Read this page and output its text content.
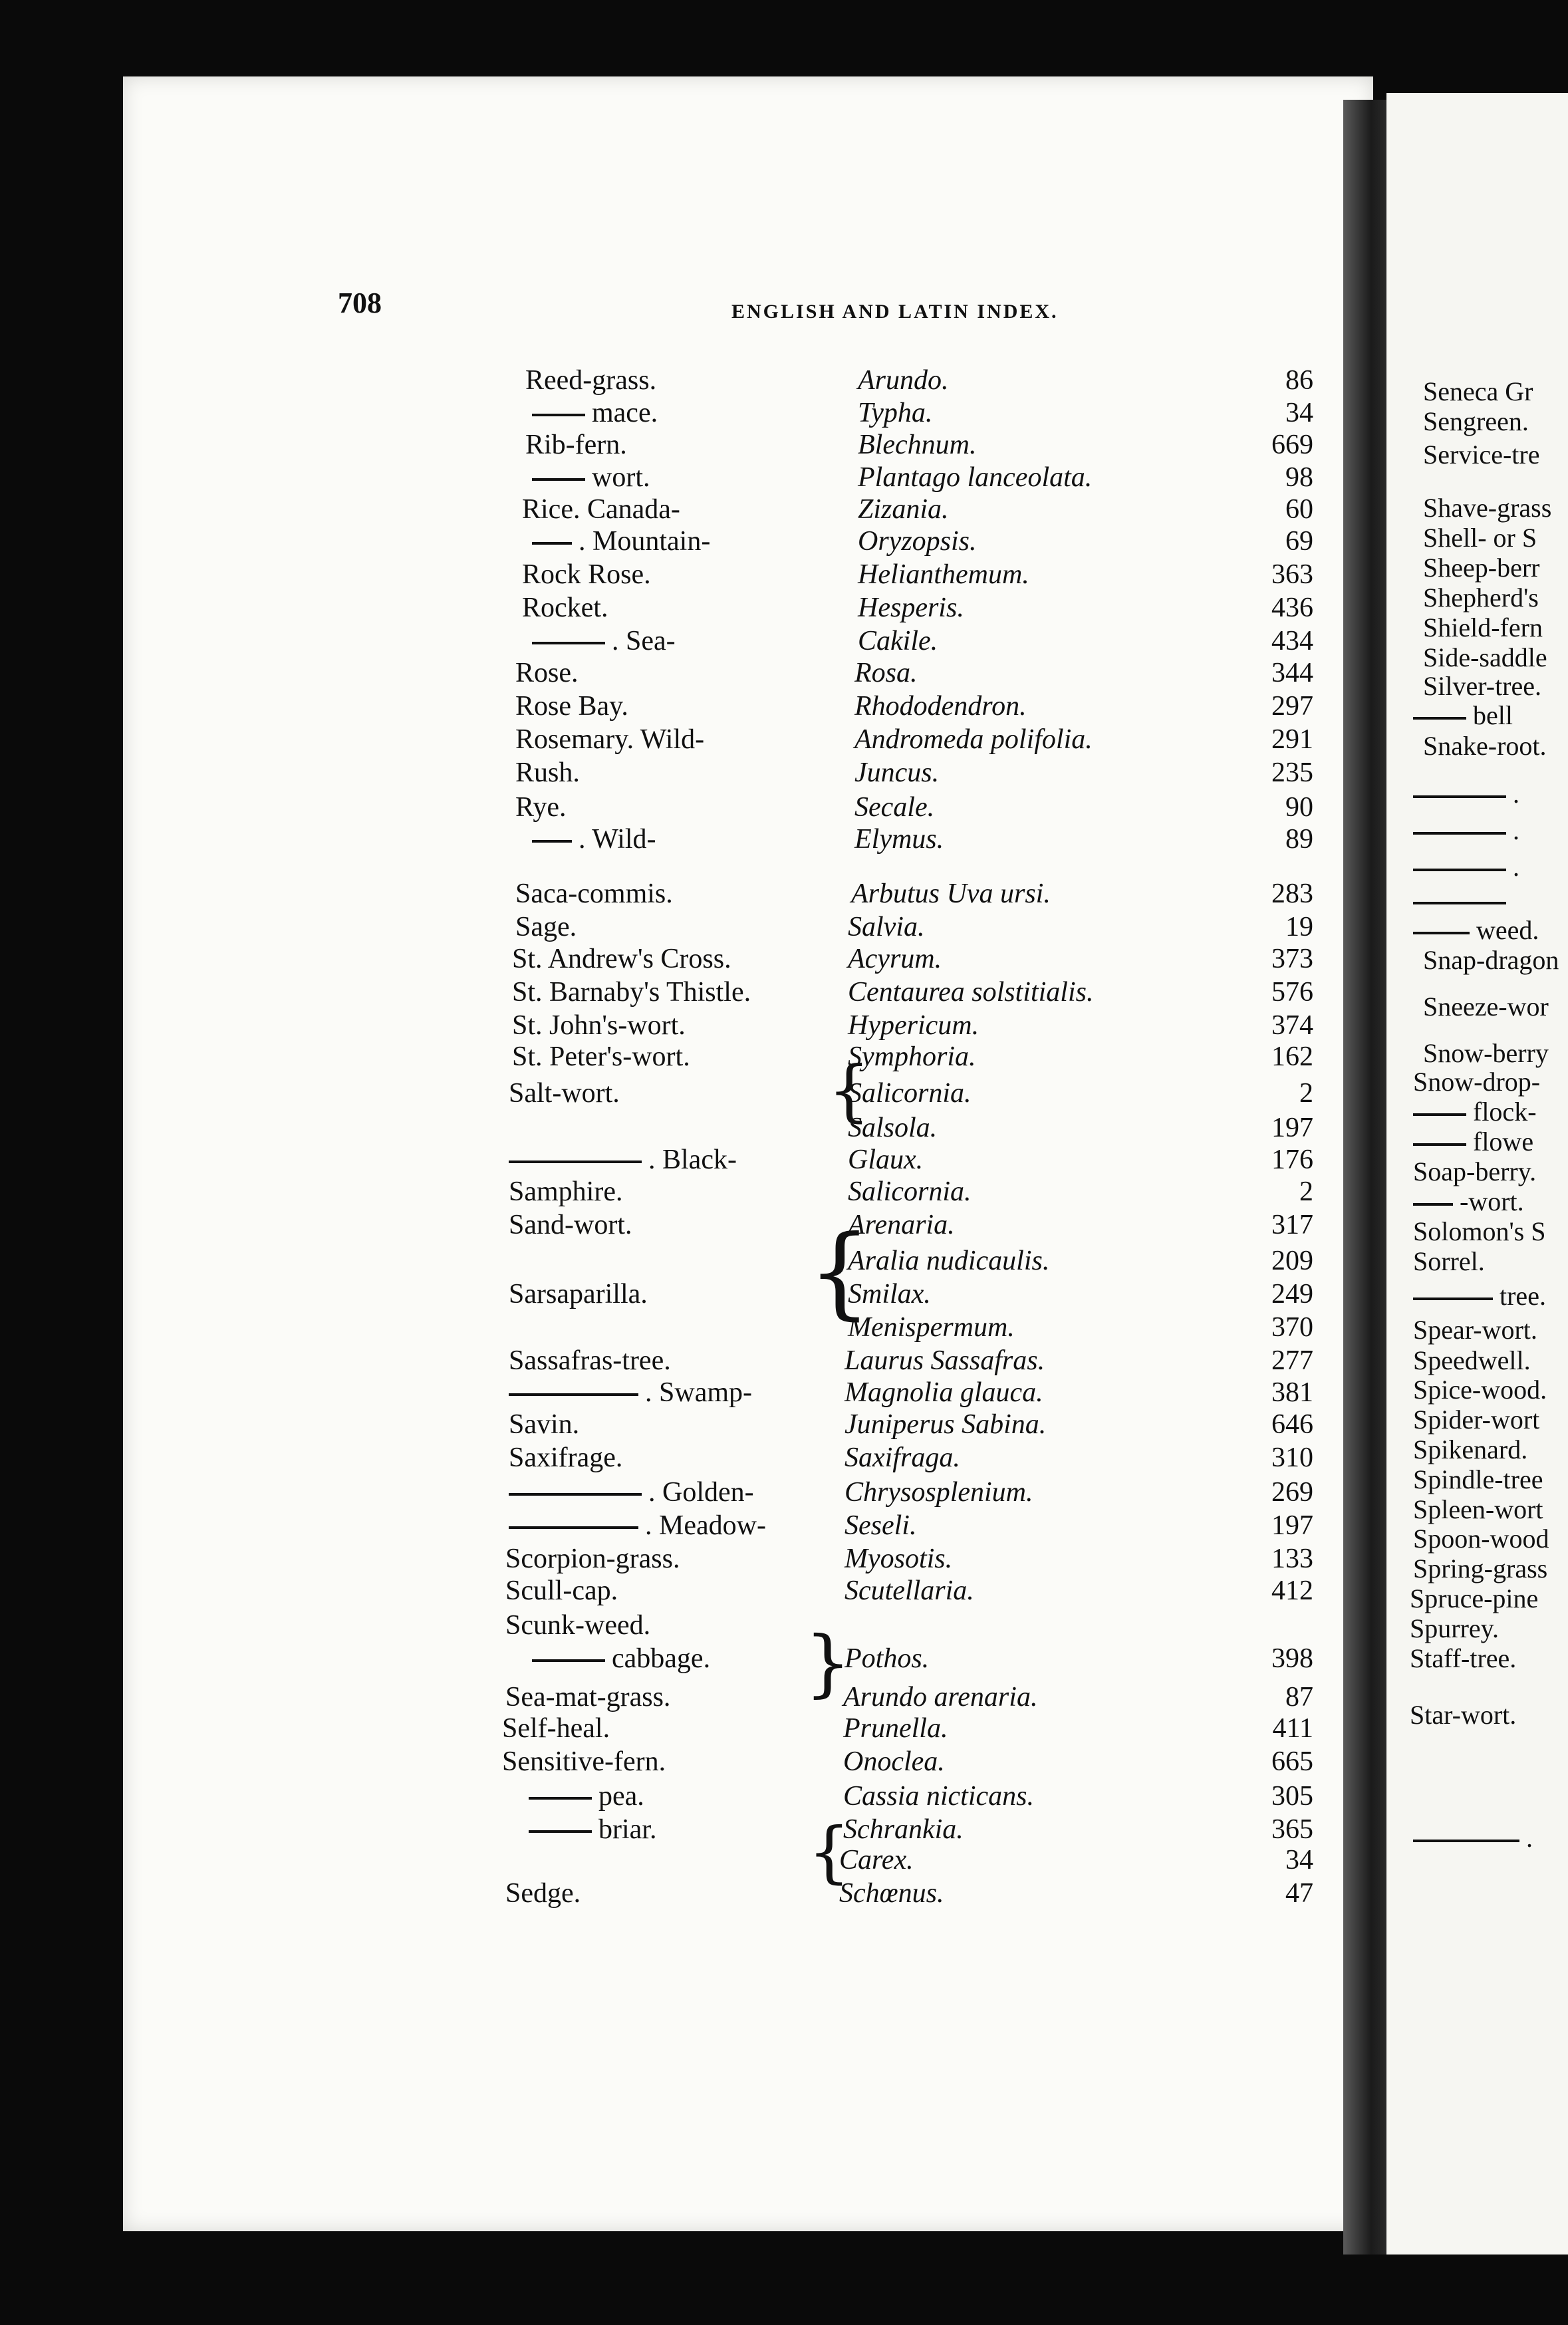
708	ENGLISH AND LATIN INDEX.
{
{
}
{
Reed-grass.	Arundo.	86
mace.	Typha.	34
Rib-fern.	Blechnum.	669
wort.	Plantago lanceolata.	98
Rice. Canada-	Zizania.	60
. Mountain-	Oryzopsis.	69
Rock Rose.	Helianthemum.	363
Rocket.	Hesperis.	436
. Sea-	Cakile.	434
Rose.	Rosa.	344
Rose Bay.	Rhododendron.	297
Rosemary. Wild-	Andromeda polifolia.	291
Rush.	Juncus.	235
Rye.	Secale.	90
. Wild-	Elymus.	89
Saca-commis.	Arbutus Uva ursi.	283
Sage.	Salvia.	19
St. Andrew's Cross.	Acyrum.	373
St. Barnaby's Thistle.	Centaurea solstitialis.	576
St. John's-wort.	Hypericum.	374
St. Peter's-wort.	Symphoria.	162
Salt-wort.	Salicornia.	2
Salsola.	197
. Black-	Glaux.	176
Samphire.	Salicornia.	2
Sand-wort.	Arenaria.	317
Aralia nudicaulis.	209
Sarsaparilla.	Smilax.	249
Menispermum.	370
Sassafras-tree.	Laurus Sassafras.	277
. Swamp-	Magnolia glauca.	381
Savin.	Juniperus Sabina.	646
Saxifrage.	Saxifraga.	310
. Golden-	Chrysosplenium.	269
. Meadow-	Seseli.	197
Scorpion-grass.	Myosotis.	133
Scull-cap.	Scutellaria.	412
Scunk-weed.
cabbage.	Pothos.	398
Sea-mat-grass.	Arundo arenaria.	87
Self-heal.	Prunella.	411
Sensitive-fern.	Onoclea.	665
pea.	Cassia nicticans.	305
briar.	Schrankia.	365
Carex.	34
Sedge.	Schœnus.	47
Seneca Gr
Sengreen.
Service-tre
Shave-grass
Shell- or S
Sheep-berr
Shepherd's
Shield-fern
Side-saddle
Silver-tree.
bell
Snake-root.
.
.
.
weed.
Snap-dragon
Sneeze-wor
Snow-berry
Snow-drop-
flock-
flowe
Soap-berry.
-wort.
Solomon's S
Sorrel.
tree.
Spear-wort.
Speedwell.
Spice-wood.
Spider-wort
Spikenard.
Spindle-tree
Spleen-wort
Spoon-wood
Spring-grass
Spruce-pine
Spurrey.
Staff-tree.
Star-wort.
.
